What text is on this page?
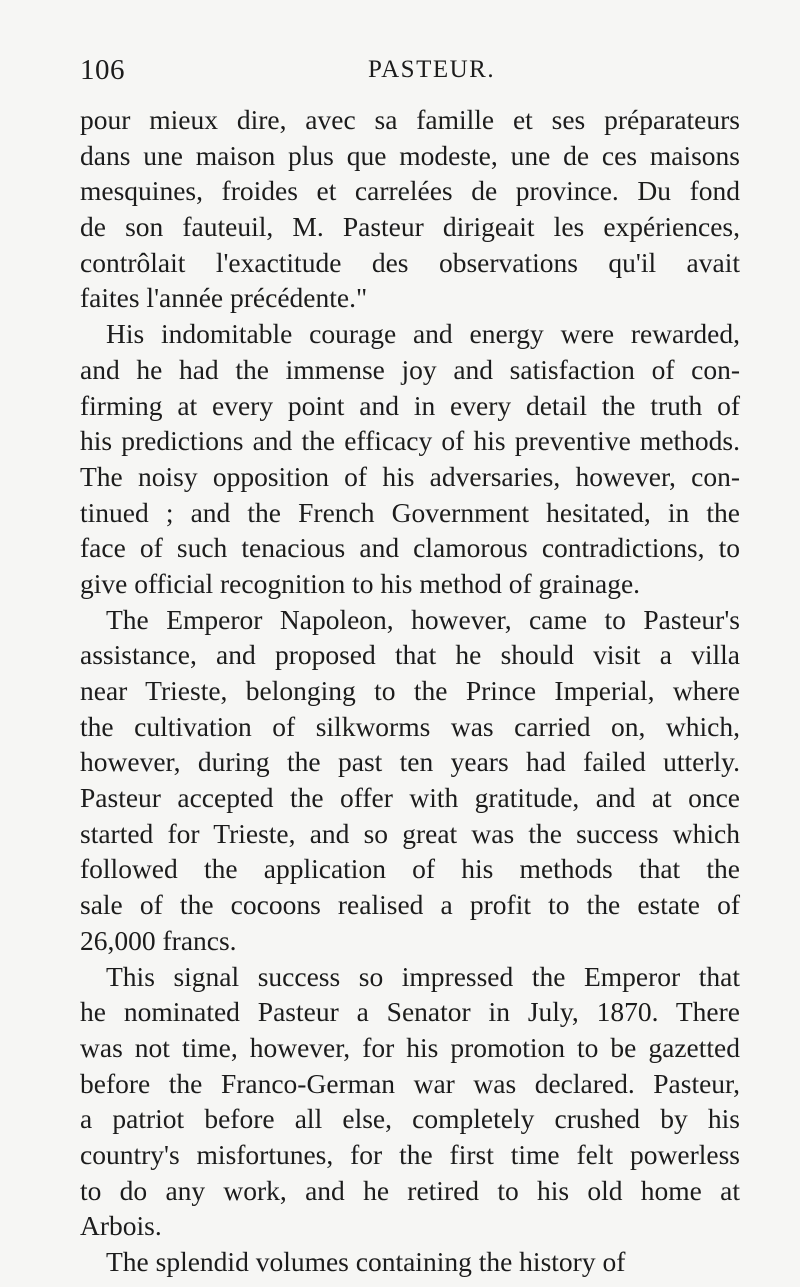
106	PASTEUR.
pour mieux dire, avec sa famille et ses préparateurs
dans une maison plus que modeste, une de ces maisons
mesquines, froides et carrelées de province. Du fond
de son fauteuil, M. Pasteur dirigeait les expériences,
contrôlait l'exactitude des observations qu'il avait
faites l'année précédente."
His indomitable courage and energy were rewarded,
and he had the immense joy and satisfaction of con-
firming at every point and in every detail the truth of
his predictions and the efficacy of his preventive methods.
The noisy opposition of his adversaries, however, con-
tinued ; and the French Government hesitated, in the
face of such tenacious and clamorous contradictions, to
give official recognition to his method of grainage.
The Emperor Napoleon, however, came to Pasteur's
assistance, and proposed that he should visit a villa
near Trieste, belonging to the Prince Imperial, where
the cultivation of silkworms was carried on, which,
however, during the past ten years had failed utterly.
Pasteur accepted the offer with gratitude, and at once
started for Trieste, and so great was the success which
followed the application of his methods that the
sale of the cocoons realised a profit to the estate of
26,000 francs.
This signal success so impressed the Emperor that
he nominated Pasteur a Senator in July, 1870. There
was not time, however, for his promotion to be gazetted
before the Franco-German war was declared. Pasteur,
a patriot before all else, completely crushed by his
country's misfortunes, for the first time felt powerless
to do any work, and he retired to his old home at
Arbois.
The splendid volumes containing the history of
